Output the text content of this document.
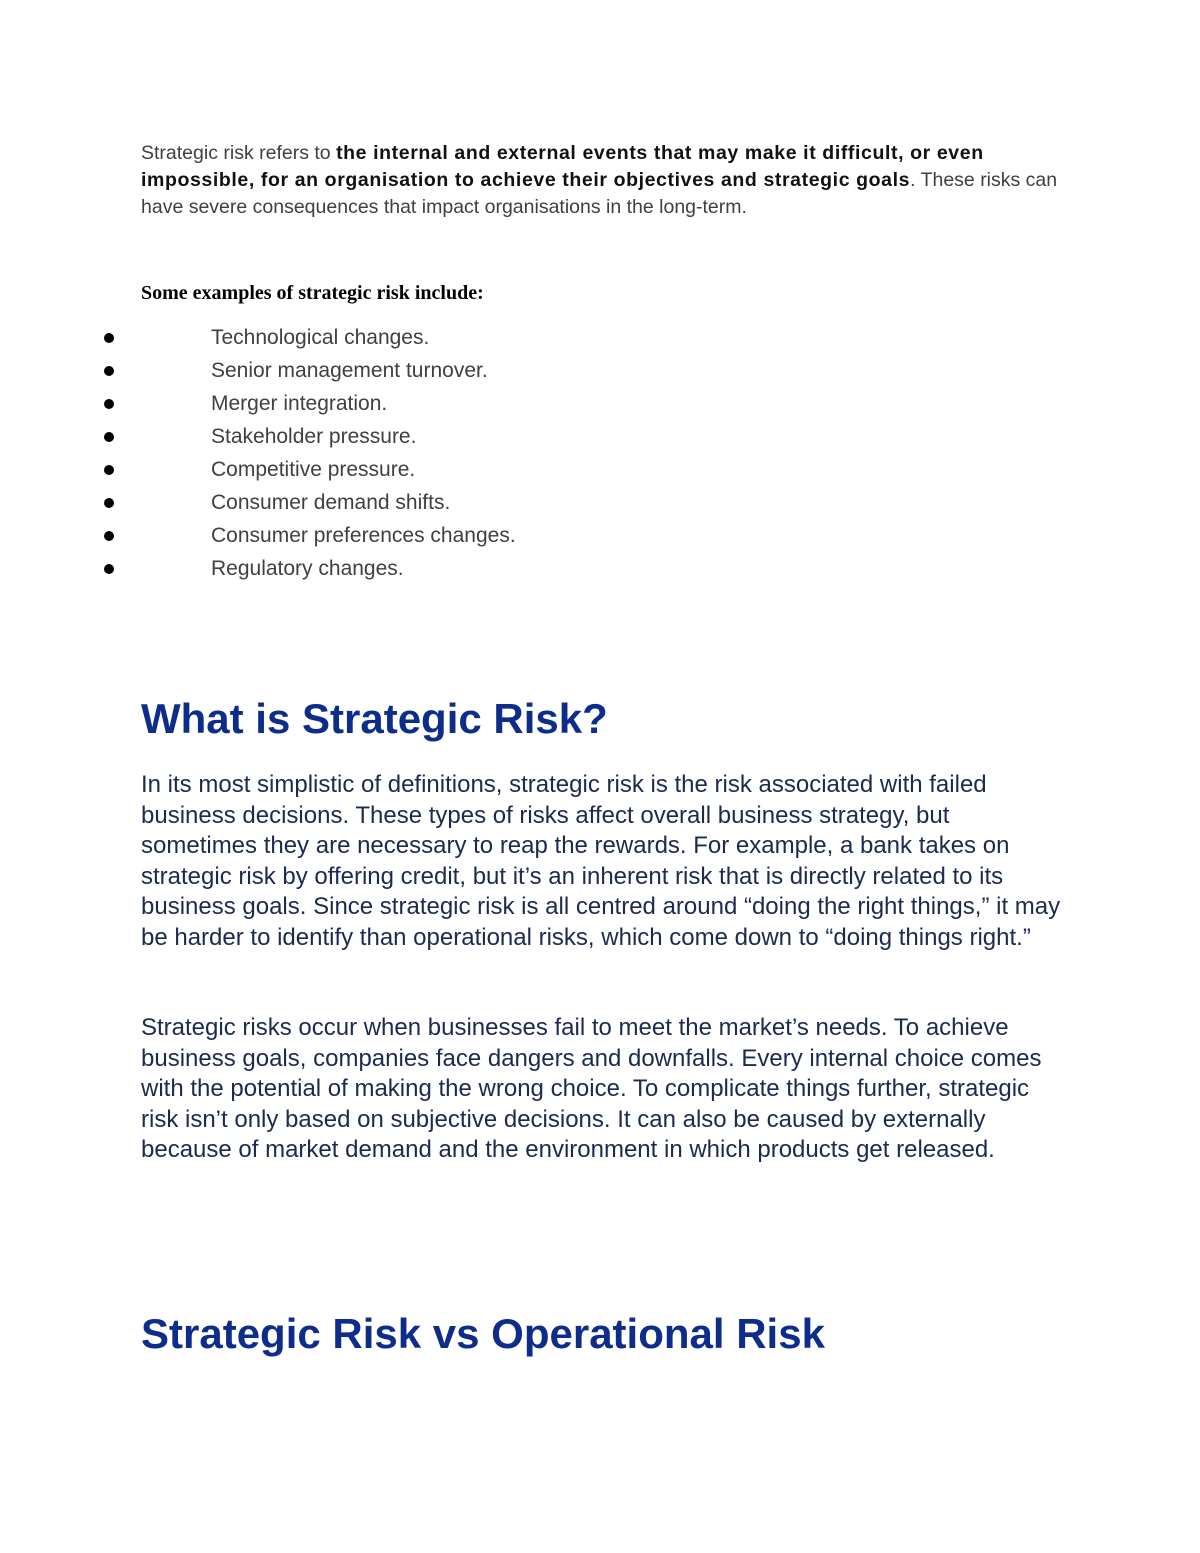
Strategic risk refers to the internal and external events that may make it difficult, or even impossible, for an organisation to achieve their objectives and strategic goals. These risks can have severe consequences that impact organisations in the long-term.

Some examples of strategic risk include:

Technological changes.
Senior management turnover.
Merger integration.
Stakeholder pressure.
Competitive pressure.
Consumer demand shifts.
Consumer preferences changes.
Regulatory changes.
What is Strategic Risk?

In its most simplistic of definitions, strategic risk is the risk associated with failed business decisions. These types of risks affect overall business strategy, but sometimes they are necessary to reap the rewards. For example, a bank takes on strategic risk by offering credit, but it’s an inherent risk that is directly related to its business goals. Since strategic risk is all centred around “doing the right things,” it may be harder to identify than operational risks, which come down to “doing things right.”

Strategic risks occur when businesses fail to meet the market’s needs. To achieve business goals, companies face dangers and downfalls. Every internal choice comes with the potential of making the wrong choice. To complicate things further, strategic risk isn’t only based on subjective decisions. It can also be caused by externally because of market demand and the environment in which products get released.

Strategic Risk vs Operational Risk
